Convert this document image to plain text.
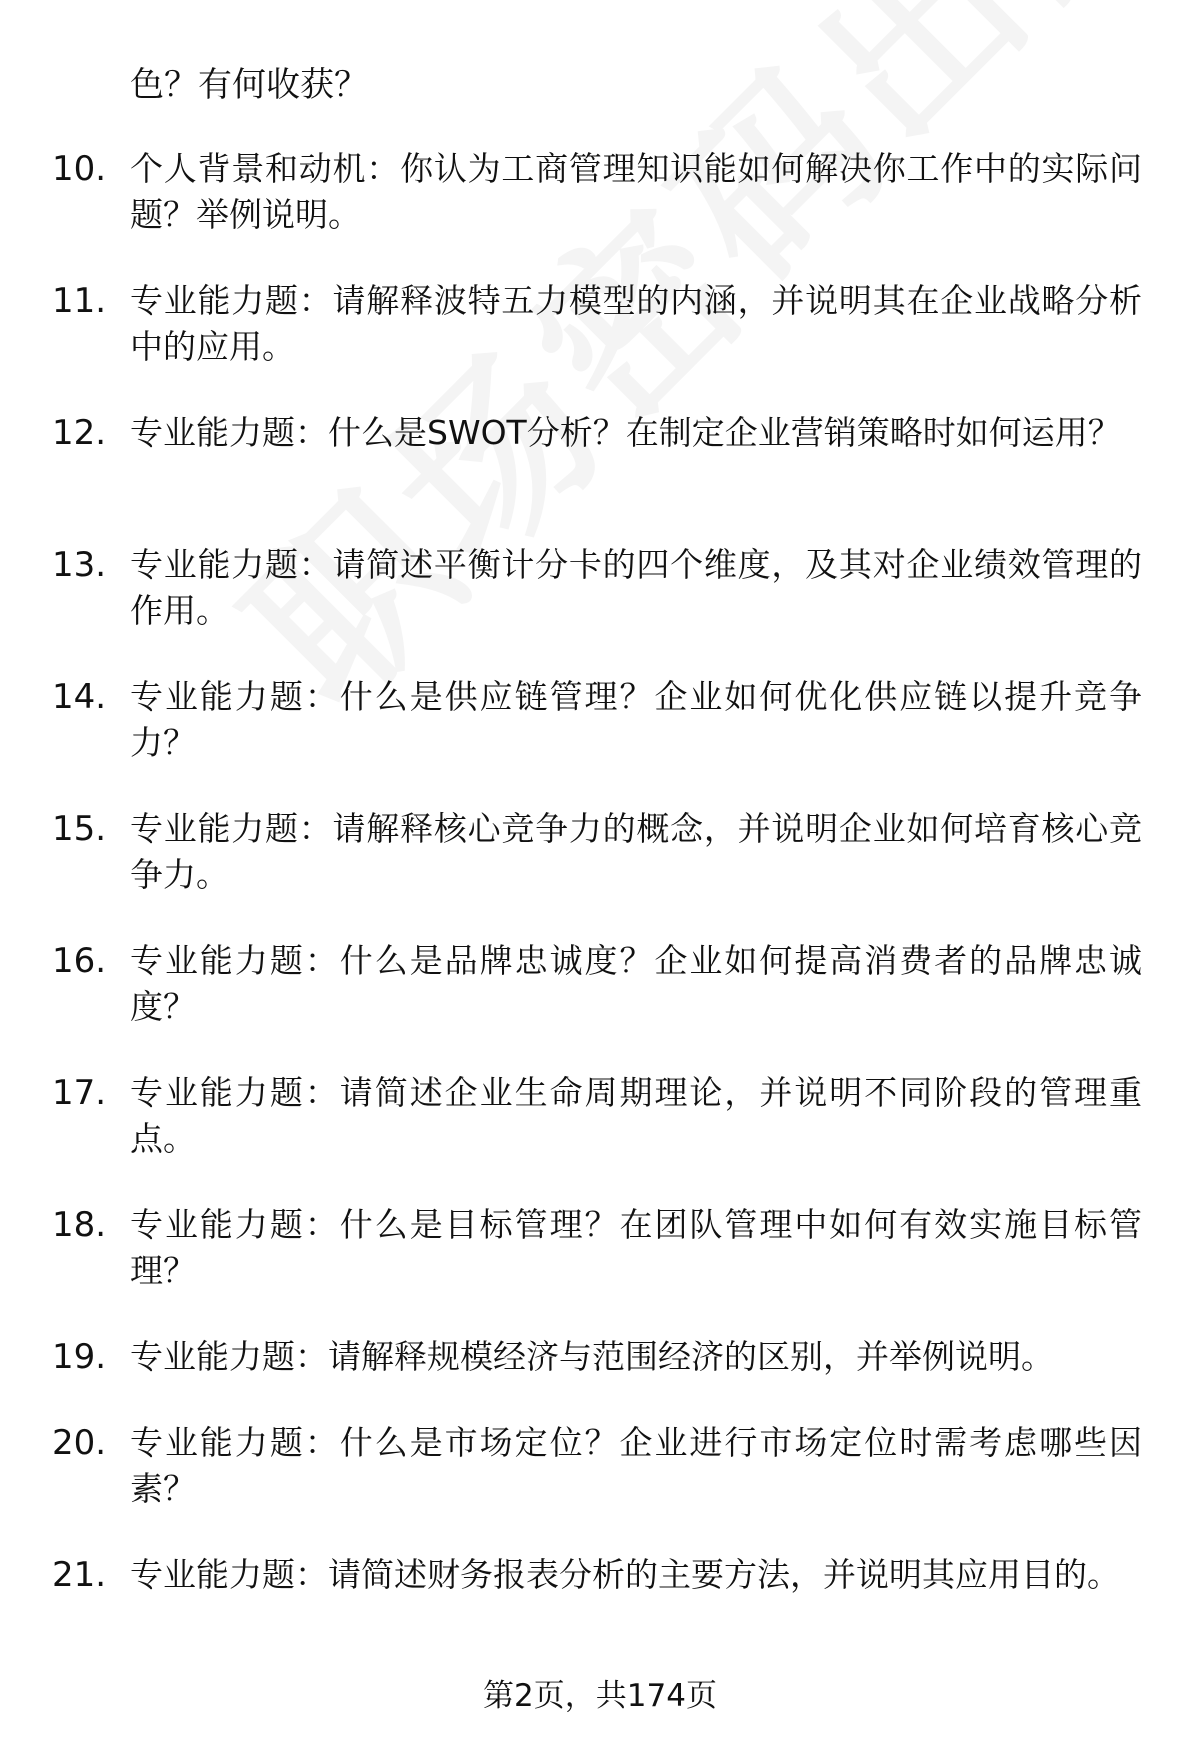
色？有何收获？
10. 个人背景和动机：你认为工商管理知识能如何解决你工作中的实际问题？举例说明。
11. 专业能力题：请解释波特五力模型的内涵，并说明其在企业战略分析中的应用。
12. 专业能力题：什么是SWOT分析？在制定企业营销策略时如何运用？
13. 专业能力题：请简述平衡计分卡的四个维度，及其对企业绩效管理的作用。
14. 专业能力题：什么是供应链管理？企业如何优化供应链以提升竞争力？
15. 专业能力题：请解释核心竞争力的概念，并说明企业如何培育核心竞争力。
16. 专业能力题：什么是品牌忠诚度？企业如何提高消费者的品牌忠诚度？
17. 专业能力题：请简述企业生命周期理论，并说明不同阶段的管理重点。
18. 专业能力题：什么是目标管理？在团队管理中如何有效实施目标管理？
19. 专业能力题：请解释规模经济与范围经济的区别，并举例说明。
20. 专业能力题：什么是市场定位？企业进行市场定位时需考虑哪些因素？
21. 专业能力题：请简述财务报表分析的主要方法，并说明其应用目的。
第2页，共174页
